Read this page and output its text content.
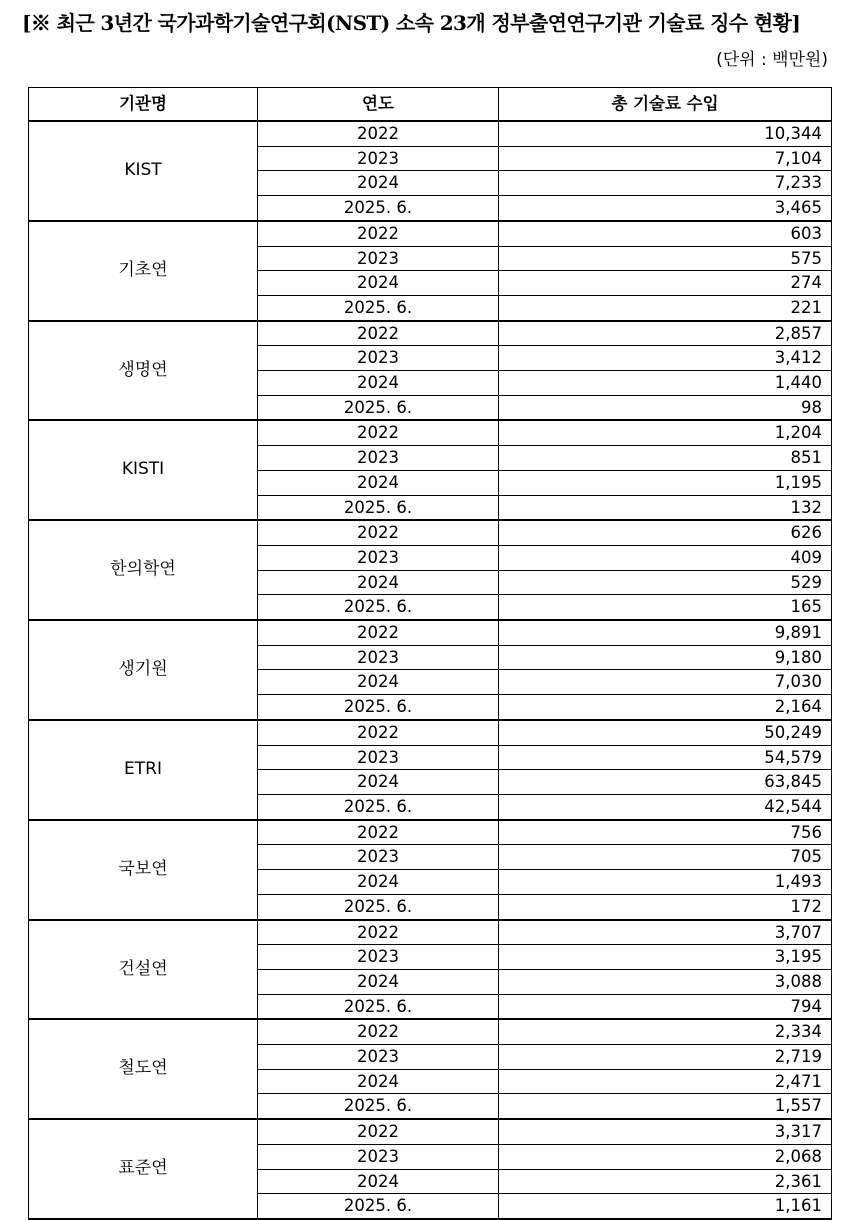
[※ 최근 3년간 국가과학기술연구회(NST) 소속 23개 정부출연연구기관 기술료 징수 현황]
(단위 : 백만원)
기관명	연도	총 기술료 수입
KIST	2022	10,344
	2023	7,104
	2024	7,233
	2025. 6.	3,465
기초연	2022	603
	2023	575
	2024	274
	2025. 6.	221
생명연	2022	2,857
	2023	3,412
	2024	1,440
	2025. 6.	98
KISTI	2022	1,204
	2023	851
	2024	1,195
	2025. 6.	132
한의학연	2022	626
	2023	409
	2024	529
	2025. 6.	165
생기원	2022	9,891
	2023	9,180
	2024	7,030
	2025. 6.	2,164
ETRI	2022	50,249
	2023	54,579
	2024	63,845
	2025. 6.	42,544
국보연	2022	756
	2023	705
	2024	1,493
	2025. 6.	172
건설연	2022	3,707
	2023	3,195
	2024	3,088
	2025. 6.	794
철도연	2022	2,334
	2023	2,719
	2024	2,471
	2025. 6.	1,557
표준연	2022	3,317
	2023	2,068
	2024	2,361
	2025. 6.	1,161
